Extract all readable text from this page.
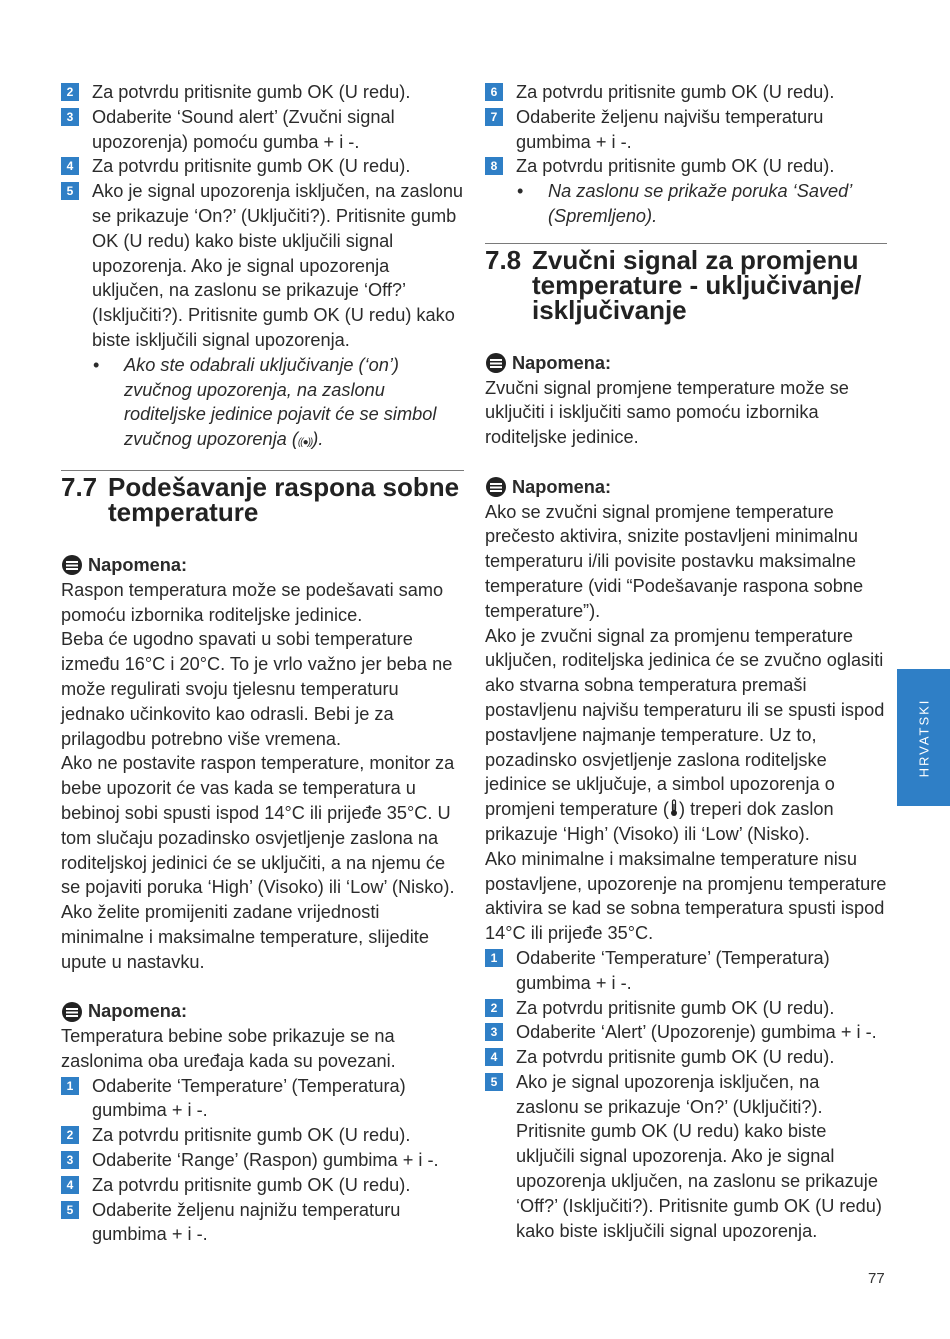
2	Za potvrdu pritisnite gumb OK (U redu).
3	Odaberite ‘Sound alert’ (Zvučni signal upozorenja) pomoću gumba + i -.
4	Za potvrdu pritisnite gumb OK (U redu).
5	Ako je signal upozorenja isključen, na zaslonu se prikazuje ‘On?’ (Uključiti?). Pritisnite gumb OK (U redu) kako biste uključili signal upozorenja. Ako je signal upozorenja uključen, na zaslonu se prikazuje ‘Off?’ (Isključiti?). Pritisnite gumb OK (U redu) kako biste isključili signal upozorenja.
•	Ako ste odabrali uključivanje (‘on’) zvučnog upozorenja, na zaslonu roditeljske jedinice pojavit će se simbol zvučnog upozorenja (((●))).
7.7 Podešavanje raspona sobne temperature
Napomena:
Raspon temperatura može se podešavati samo pomoću izbornika roditeljske jedinice.
Beba će ugodno spavati u sobi temperature između 16°C i 20°C. To je vrlo važno jer beba ne može regulirati svoju tjelesnu temperaturu jednako učinkovito kao odrasli. Bebi je za prilagodbu potrebno više vremena.
Ako ne postavite raspon temperature, monitor za bebe upozorit će vas kada se temperatura u bebinoj sobi spusti ispod 14°C ili prijeđe 35°C. U tom slučaju pozadinsko osvjetljenje zaslona na roditeljskoj jedinici će se uključiti, a na njemu će se pojaviti poruka ‘High’ (Visoko) ili ‘Low’ (Nisko). Ako želite promijeniti zadane vrijednosti minimalne i maksimalne temperature, slijedite upute u nastavku.
Napomena:
Temperatura bebine sobe prikazuje se na zaslonima oba uređaja kada su povezani.
1	Odaberite ‘Temperature’ (Temperatura) gumbima + i -.
2	Za potvrdu pritisnite gumb OK (U redu).
3	Odaberite ‘Range’ (Raspon) gumbima + i -.
4	Za potvrdu pritisnite gumb OK (U redu).
5	Odaberite željenu najnižu temperaturu gumbima + i -.
6	Za potvrdu pritisnite gumb OK (U redu).
7	Odaberite željenu najvišu temperaturu gumbima + i -.
8	Za potvrdu pritisnite gumb OK (U redu).
•	Na zaslonu se prikaže poruka ‘Saved’ (Spremljeno).
7.8 Zvučni signal za promjenu temperature - uključivanje/ isključivanje
Napomena:
Zvučni signal promjene temperature može se uključiti i isključiti samo pomoću izbornika roditeljske jedinice.
Napomena:
Ako se zvučni signal promjene temperature prečesto aktivira, snizite postavljeni minimalnu temperaturu i/ili povisite postavku maksimalne temperature (vidi “Podešavanje raspona sobne temperature”).
Ako je zvučni signal za promjenu temperature uključen, roditeljska jedinica će se zvučno oglasiti ako stvarna sobna temperatura premaši postavljenu najvišu temperaturu ili se spusti ispod postavljene najmanje temperature. Uz to, pozadinsko osvjetljenje zaslona roditeljske jedinice se uključuje, a simbol upozorenja o promjeni temperature ( ) treperi dok zaslon prikazuje ‘High’ (Visoko) ili ‘Low’ (Nisko).
Ako minimalne i maksimalne temperature nisu postavljene, upozorenje na promjenu temperature aktivira se kad se sobna temperatura spusti ispod 14°C ili prijeđe 35°C.
1	Odaberite ‘Temperature’ (Temperatura) gumbima + i -.
2	Za potvrdu pritisnite gumb OK (U redu).
3	Odaberite ‘Alert’ (Upozorenje) gumbima + i -.
4	Za potvrdu pritisnite gumb OK (U redu).
5	Ako je signal upozorenja isključen, na zaslonu se prikazuje ‘On?’ (Uključiti?). Pritisnite gumb OK (U redu) kako biste uključili signal upozorenja. Ako je signal upozorenja uključen, na zaslonu se prikazuje ‘Off?’ (Isključiti?). Pritisnite gumb OK (U redu) kako biste isključili signal upozorenja.
HRVATSKI
77
